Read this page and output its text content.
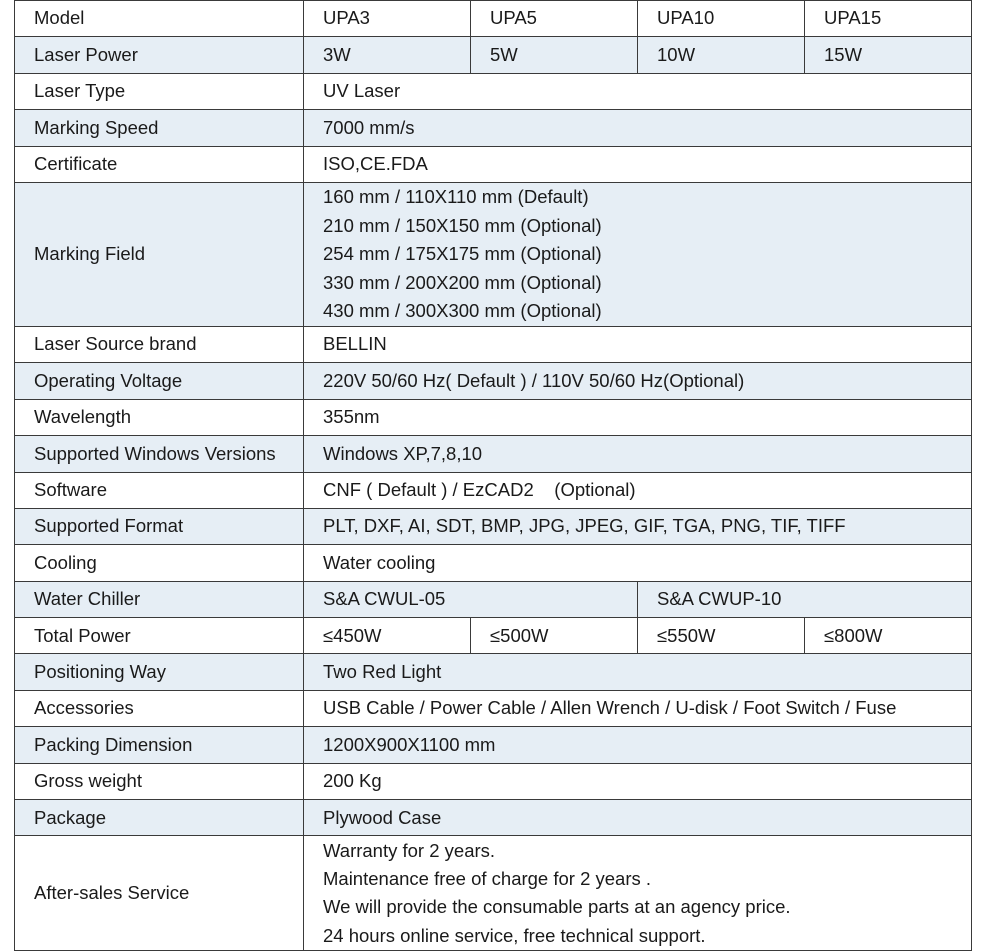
Model	UPA3	UPA5	UPA10	UPA15
Laser Power	3W	5W	10W	15W
Laser Type	UV Laser			
Marking Speed	7000 mm/s			
Certificate	ISO,CE.FDA			
Marking Field	160 mm / 110X110 mm (Default)
210 mm / 150X150 mm (Optional)
254 mm / 175X175 mm (Optional)
330 mm / 200X200 mm (Optional)
430 mm / 300X300 mm (Optional)			

Laser Source brand	BELLIN			
Operating Voltage	220V 50/60 Hz( Default ) / 110V 50/60 Hz(Optional)			
Wavelength	355nm			
Supported Windows Versions	Windows XP,7,8,10			
Software	CNF ( Default ) / EzCAD2    (Optional)			
Supported Format	PLT, DXF, AI, SDT, BMP, JPG, JPEG, GIF, TGA, PNG, TIF, TIFF			
Cooling	Water cooling			
Water Chiller	S&A CWUL-05		S&A CWUP-10	
Total Power	≤450W	≤500W	≤550W	≤800W
Positioning Way	Two Red Light			
Accessories	USB Cable / Power Cable / Allen Wrench / U-disk / Foot Switch / Fuse			
Packing Dimension	1200X900X1100 mm			
Gross weight	200 Kg			
Package	Plywood Case			
After-sales Service	Warranty for 2 years.
Maintenance free of charge for 2 years .
We will provide the consumable parts at an agency price.
24 hours online service, free technical support.			
